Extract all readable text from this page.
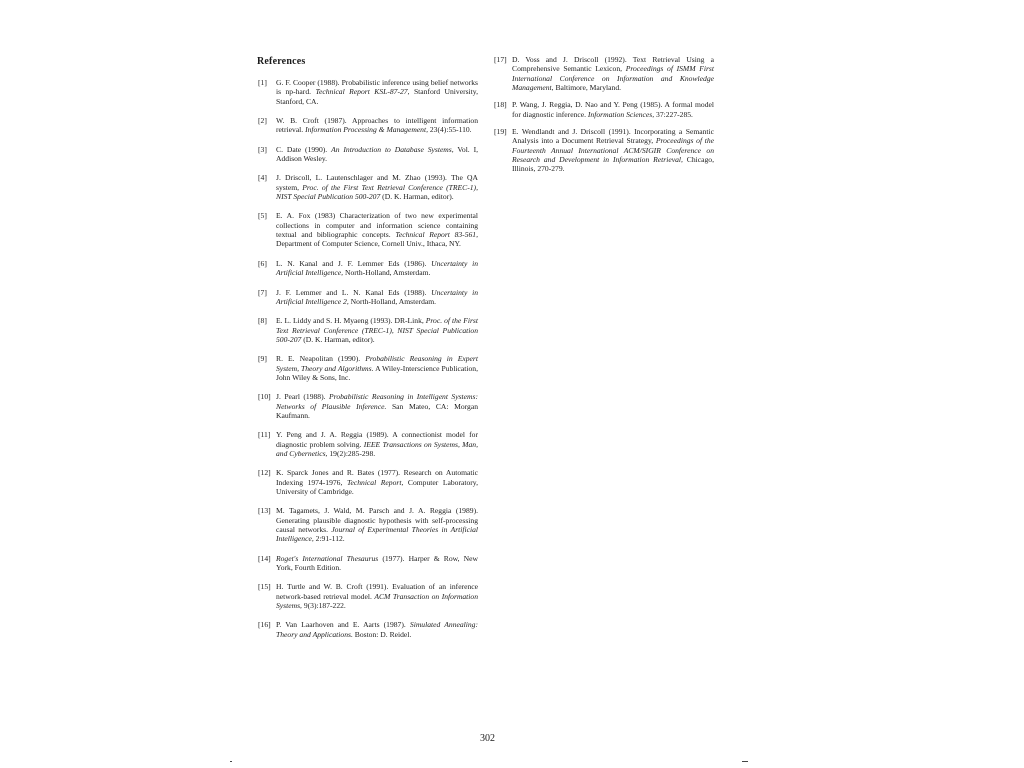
References
[1] G. F. Cooper (1988). Probabilistic inference using belief networks is np-hard. Technical Report KSL-87-27, Stanford University, Stanford, CA.
[2] W. B. Croft (1987). Approaches to intelligent information retrieval. Information Processing & Management, 23(4):55-110.
[3] C. Date (1990). An Introduction to Database Systems, Vol. I, Addison Wesley.
[4] J. Driscoll, L. Lautenschlager and M. Zhao (1993). The QA system, Proc. of the First Text Retrieval Conference (TREC-1), NIST Special Publication 500-207 (D. K. Harman, editor).
[5] E. A. Fox (1983) Characterization of two new experimental collections in computer and information science containing textual and bibliographic concepts. Technical Report 83-561, Department of Computer Science, Cornell Univ., Ithaca, NY.
[6] L. N. Kanal and J. F. Lemmer Eds (1986). Uncertainty in Artificial Intelligence, North-Holland, Amsterdam.
[7] J. F. Lemmer and L. N. Kanal Eds (1988). Uncertainty in Artificial Intelligence 2, North-Holland, Amsterdam.
[8] E. L. Liddy and S. H. Myaeng (1993). DR-Link, Proc. of the First Text Retrieval Conference (TREC-1), NIST Special Publication 500-207 (D. K. Harman, editor).
[9] R. E. Neapolitan (1990). Probabilistic Reasoning in Expert System, Theory and Algorithms. A Wiley-Interscience Publication, John Wiley & Sons, Inc.
[10] J. Pearl (1988). Probabilistic Reasoning in Intelligent Systems: Networks of Plausible Inference. San Mateo, CA: Morgan Kaufmann.
[11] Y. Peng and J. A. Reggia (1989). A connectionist model for diagnostic problem solving. IEEE Transactions on Systems, Man, and Cybernetics, 19(2):285-298.
[12] K. Sparck Jones and R. Bates (1977). Research on Automatic Indexing 1974-1976, Technical Report, Computer Laboratory, University of Cambridge.
[13] M. Tagamets, J. Wald, M. Parsch and J. A. Reggia (1989). Generating plausible diagnostic hypothesis with self-processing causal networks. Journal of Experimental Theories in Artificial Intelligence, 2:91-112.
[14] Roget's International Thesaurus (1977). Harper & Row, New York, Fourth Edition.
[15] H. Turtle and W. B. Croft (1991). Evaluation of an inference network-based retrieval model. ACM Transaction on Information Systems, 9(3):187-222.
[16] P. Van Laarhoven and E. Aarts (1987). Simulated Annealing: Theory and Applications. Boston: D. Reidel.
[17] D. Voss and J. Driscoll (1992). Text Retrieval Using a Comprehensive Semantic Lexicon, Proceedings of ISMM First International Conference on Information and Knowledge Management, Baltimore, Maryland.
[18] P. Wang, J. Reggia, D. Nao and Y. Peng (1985). A formal model for diagnostic inference. Information Sciences, 37:227-285.
[19] E. Wendlandt and J. Driscoll (1991). Incorporating a Semantic Analysis into a Document Retrieval Strategy, Proceedings of the Fourteenth Annual International ACM/SIGIR Conference on Research and Development in Information Retrieval, Chicago, Illinois, 270-279.
302
